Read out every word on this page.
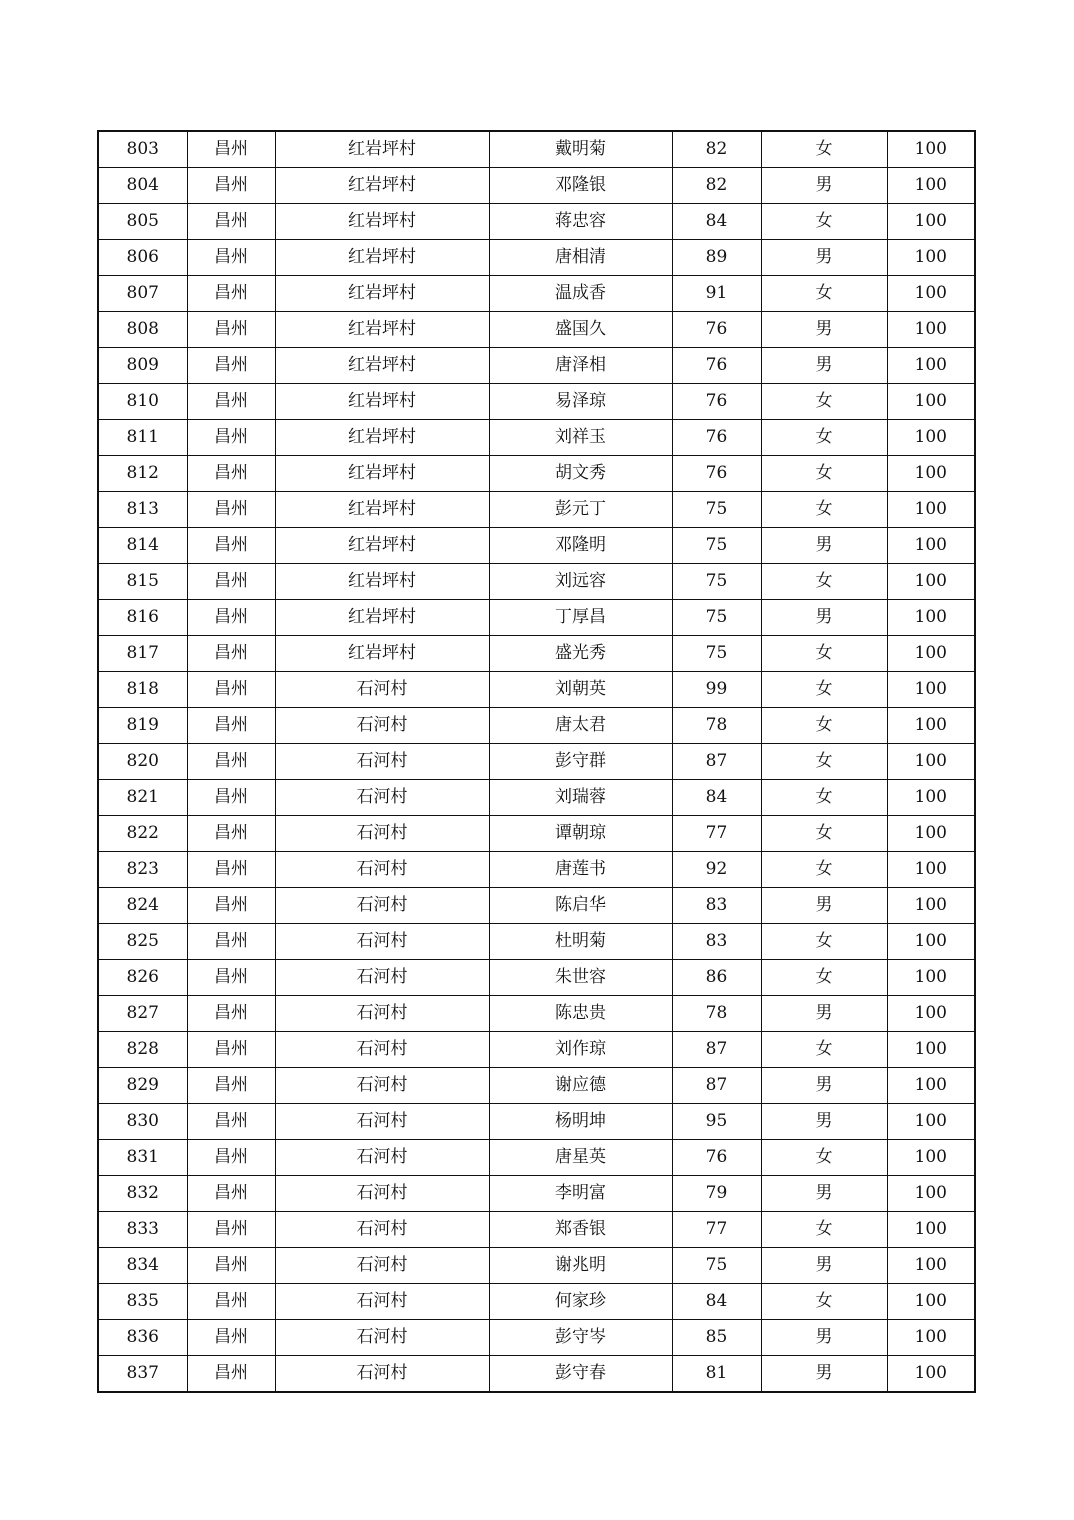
803	昌州	红岩坪村	戴明菊	82	女	100
804	昌州	红岩坪村	邓隆银	82	男	100
805	昌州	红岩坪村	蒋忠容	84	女	100
806	昌州	红岩坪村	唐相清	89	男	100
807	昌州	红岩坪村	温成香	91	女	100
808	昌州	红岩坪村	盛国久	76	男	100
809	昌州	红岩坪村	唐泽相	76	男	100
810	昌州	红岩坪村	易泽琼	76	女	100
811	昌州	红岩坪村	刘祥玉	76	女	100
812	昌州	红岩坪村	胡文秀	76	女	100
813	昌州	红岩坪村	彭元丁	75	女	100
814	昌州	红岩坪村	邓隆明	75	男	100
815	昌州	红岩坪村	刘远容	75	女	100
816	昌州	红岩坪村	丁厚昌	75	男	100
817	昌州	红岩坪村	盛光秀	75	女	100
818	昌州	石河村	刘朝英	99	女	100
819	昌州	石河村	唐太君	78	女	100
820	昌州	石河村	彭守群	87	女	100
821	昌州	石河村	刘瑞蓉	84	女	100
822	昌州	石河村	谭朝琼	77	女	100
823	昌州	石河村	唐莲书	92	女	100
824	昌州	石河村	陈启华	83	男	100
825	昌州	石河村	杜明菊	83	女	100
826	昌州	石河村	朱世容	86	女	100
827	昌州	石河村	陈忠贵	78	男	100
828	昌州	石河村	刘作琼	87	女	100
829	昌州	石河村	谢应德	87	男	100
830	昌州	石河村	杨明坤	95	男	100
831	昌州	石河村	唐星英	76	女	100
832	昌州	石河村	李明富	79	男	100
833	昌州	石河村	郑香银	77	女	100
834	昌州	石河村	谢兆明	75	男	100
835	昌州	石河村	何家珍	84	女	100
836	昌州	石河村	彭守岑	85	男	100
837	昌州	石河村	彭守春	81	男	100
